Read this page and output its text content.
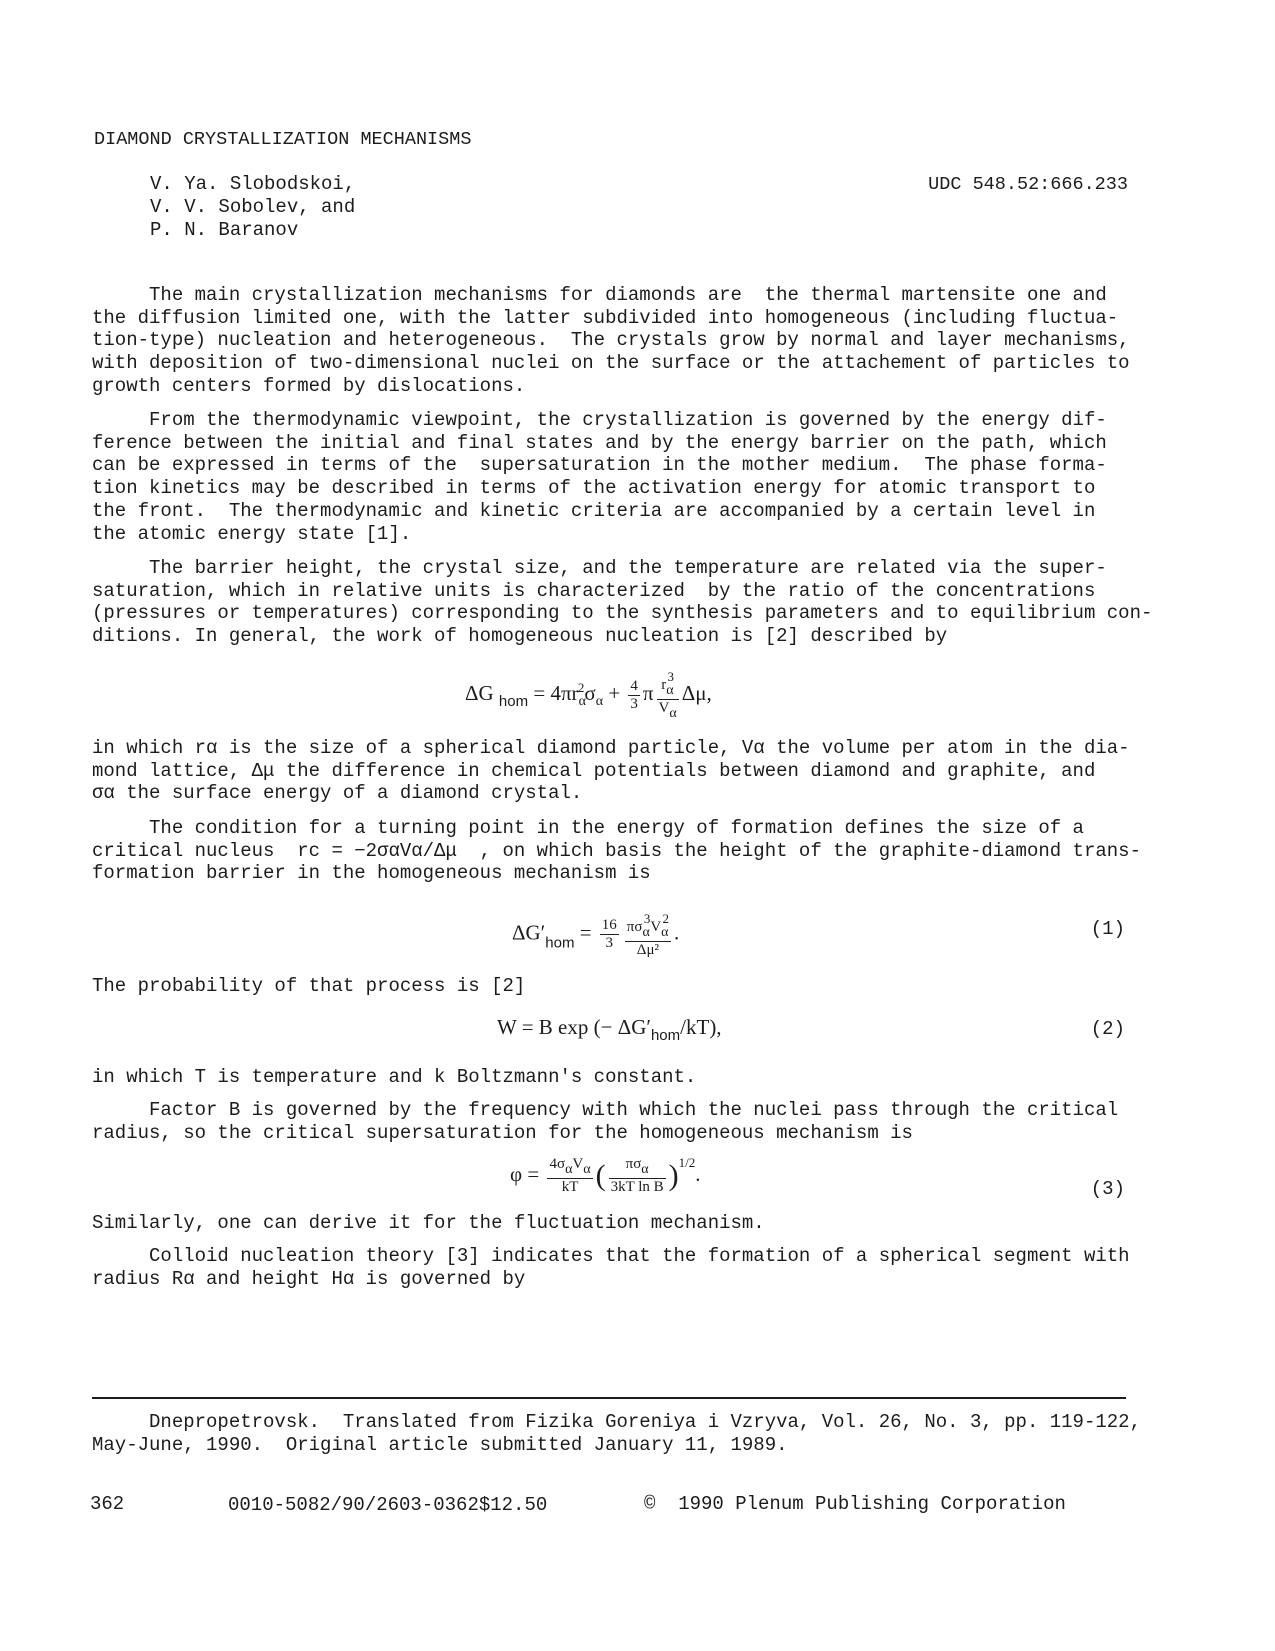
DIAMOND CRYSTALLIZATION MECHANISMS
V. Ya. Slobodskoi,
V. V. Sobolev, and
P. N. Baranov
UDC 548.52:666.233
The main crystallization mechanisms for diamonds are  the thermal martensite one and
the diffusion limited one, with the latter subdivided into homogeneous (including fluctua-
tion-type) nucleation and heterogeneous.  The crystals grow by normal and layer mechanisms,
with deposition of two-dimensional nuclei on the surface or the attachement of particles to
growth centers formed by dislocations.
From the thermodynamic viewpoint, the crystallization is governed by the energy dif-
ference between the initial and final states and by the energy barrier on the path, which
can be expressed in terms of the  supersaturation in the mother medium.  The phase forma-
tion kinetics may be described in terms of the activation energy for atomic transport to
the front.  The thermodynamic and kinetic criteria are accompanied by a certain level in
the atomic energy state [1].
The barrier height, the crystal size, and the temperature are related via the super-
saturation, which in relative units is characterized  by the ratio of the concentrations
(pressures or temperatures) corresponding to the synthesis parameters and to equilibrium con-
ditions. In general, the work of homogeneous nucleation is [2] described by
ΔG $_{hom} = 4\pi r_\alpha^2\sigma_\alpha + \frac{4}{3}$ π $\frac{r\alpha 3}{V\alpha} \Delta\mu$,
in which rα is the size of a spherical diamond particle, Vα the volume per atom in the dia-
mond lattice, Δμ the difference in chemical potentials between diamond and graphite, and
σα the surface energy of a diamond crystal.
The condition for a turning point in the energy of formation defines the size of a
critical nucleus  rc = −2σαVα/Δμ  , on which basis the height of the graphite-diamond trans-
formation barrier in the homogeneous mechanism is
$\Delta G'_{hom} = \frac{16}{3} \frac{\text{πσα3Vα2}}{\text{Δμ²}}$ .	(1)
The probability of that process is [2]
W = B exp (− $\Delta G'_{hom}/kT$),	(2)
in which T is temperature and k Boltzmann's constant.
Factor B is governed by the frequency with which the nuclei pass through the critical
radius, so the critical supersaturation for the homogeneous mechanism is
$\varphi = \frac{\text{4σαVα}}{kT}$ ( $\frac{\text{πσα}}{\text{3kT ln B}} )^{1/2}$.
(3)
Similarly, one can derive it for the fluctuation mechanism.
Colloid nucleation theory [3] indicates that the formation of a spherical segment with
radius Rα and height Hα is governed by
Dnepropetrovsk.  Translated from Fizika Goreniya i Vzryva, Vol. 26, No. 3, pp. 119-122,
May-June, 1990.  Original article submitted January 11, 1989.
362	0010-5082/90/2603-0362$12.50	©  1990 Plenum Publishing Corporation
